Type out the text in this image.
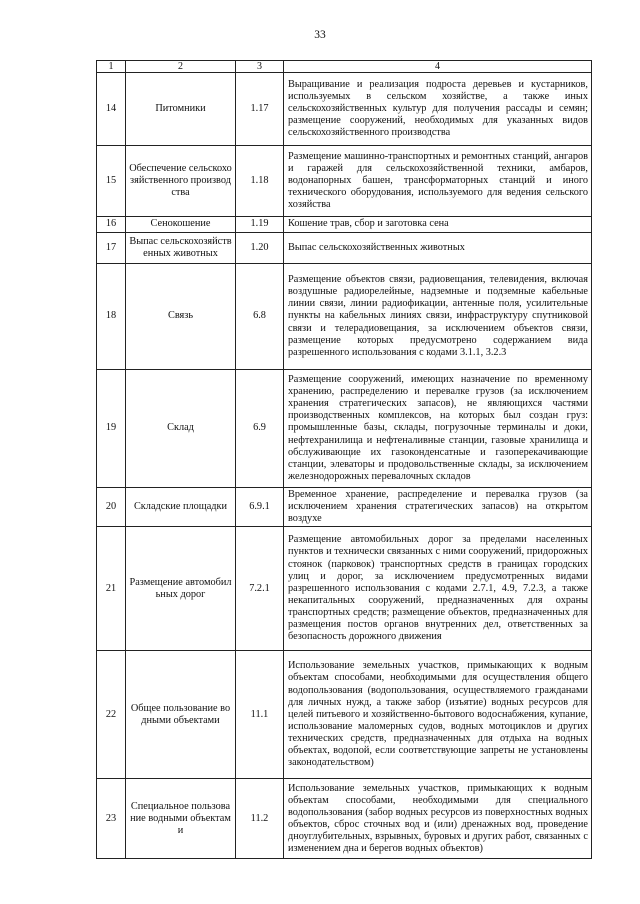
33
1	2	3	4
14	Питомники	1.17	Выращивание и реализация подроста деревьев и кустарников, используемых в сельском хозяйстве, а также иных сельскохозяйственных культур для получения рассады и семян; размещение сооружений, необходимых для указанных видов сельскохозяйственного производства
15	Обеспечение сельскохозяйственного производства	1.18	Размещение машинно-транспортных и ремонтных станций, ангаров и гаражей для сельскохозяйственной техники, амбаров, водонапорных башен, трансформаторных станций и иного технического оборудования, используемого для ведения сельского хозяйства
16	Сенокошение	1.19	Кошение трав, сбор и заготовка сена
17	Выпас сельскохозяйственных животных	1.20	Выпас сельскохозяйственных животных
18	Связь	6.8	Размещение объектов связи, радиовещания, телевидения, включая воздушные радиорелейные, надземные и подземные кабельные линии связи, линии радиофикации, антенные поля, усилительные пункты на кабельных линиях связи, инфраструктуру спутниковой связи и телерадиовещания, за исключением объектов связи, размещение которых предусмотрено содержанием вида разрешенного использования с кодами 3.1.1, 3.2.3
19	Склад	6.9	Размещение сооружений, имеющих назначение по временному хранению, распределению и перевалке грузов (за исключением хранения стратегических запасов), не являющихся частями производственных комплексов, на которых был создан груз: промышленные базы, склады, погрузочные терминалы и доки, нефтехранилища и нефтеналивные станции, газовые хранилища и обслуживающие их газоконденсатные и газоперекачивающие станции, элеваторы и продовольственные склады, за исключением железнодорожных перевалочных складов
20	Складские площадки	6.9.1	Временное хранение, распределение и перевалка грузов (за исключением хранения стратегических запасов) на открытом воздухе
21	Размещение автомобильных дорог	7.2.1	Размещение автомобильных дорог за пределами населенных пунктов и технически связанных с ними сооружений, придорожных стоянок (парковок) транспортных средств в границах городских улиц и дорог, за исключением предусмотренных видами разрешенного использования с кодами 2.7.1, 4.9, 7.2.3, а также некапитальных сооружений, предназначенных для охраны транспортных средств; размещение объектов, предназначенных для размещения постов органов внутренних дел, ответственных за безопасность дорожного движения
22	Общее пользование водными объектами	11.1	Использование земельных участков, примыкающих к водным объектам способами, необходимыми для осуществления общего водопользования (водопользования, осуществляемого гражданами для личных нужд, а также забор (изъятие) водных ресурсов для целей питьевого и хозяйственно-бытового водоснабжения, купание, использование маломерных судов, водных мотоциклов и других технических средств, предназначенных для отдыха на водных объектах, водопой, если соответствующие запреты не установлены законодательством)
23	Специальное пользование водными объектами	11.2	Использование земельных участков, примыкающих к водным объектам способами, необходимыми для специального водопользования (забор водных ресурсов из поверхностных водных объектов, сброс сточных вод и (или) дренажных вод, проведение дноуглубительных, взрывных, буровых и других работ, связанных с изменением дна и берегов водных объектов)
